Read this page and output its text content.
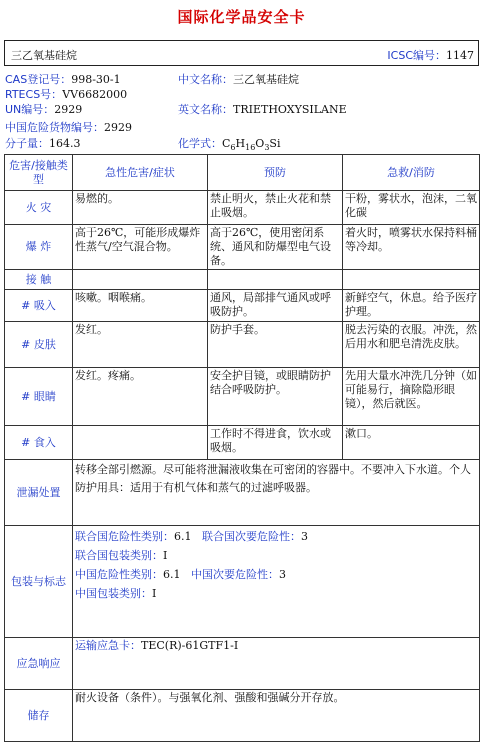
国际化学品安全卡
三乙氧基硅烷	ICSC编号：1147
CAS登记号：998-30-1
RTECS号：VV6682000
UN编号：2929
中国危险货物编号：2929
分子量：164.3
中文名称：三乙氧基硅烷
英文名称：TRIETHOXYSILANE
化学式：$C_6H_{16}O_3Si$
危害/接触类型	急性危害/症状	预防	急救/消防
火 灾	易燃的。	禁止明火，禁止火花和禁止吸烟。	干粉，雾状水，泡沫，二氧化碳
爆 炸	高于26℃，可能形成爆炸性蒸气/空气混合物。	高于26℃，使用密闭系统、通风和防爆型电气设备。	着火时，喷雾状水保持料桶等冷却。
接 触			
# 吸入	咳嗽。咽喉痛。	通风，局部排气通风或呼吸防护。	新鲜空气，休息。给予医疗护理。
# 皮肤	发红。	防护手套。	脱去污染的衣服。冲洗，然后用水和肥皂清洗皮肤。
# 眼睛	发红。疼痛。	安全护目镜，或眼睛防护结合呼吸防护。	先用大量水冲洗几分钟（如可能易行，摘除隐形眼镜），然后就医。
# 食入		工作时不得进食，饮水或吸烟。	漱口。
泄漏处置	转移全部引燃源。尽可能将泄漏液收集在可密闭的容器中。不要冲入下水道。个人防护用具：适用于有机气体和蒸气的过滤呼吸器。		
包装与标志	联合国危险性类别：6.1 联合国次要危险性：3
联合国包装类别：I
中国危险性类别：6.1 中国次要危险性：3
中国包装类别：I		

应急响应	运输应急卡：TEC(R)-61GTF1-I		
储存	耐火设备（条件）。与强氧化剂、强酸和强碱分开存放。		
